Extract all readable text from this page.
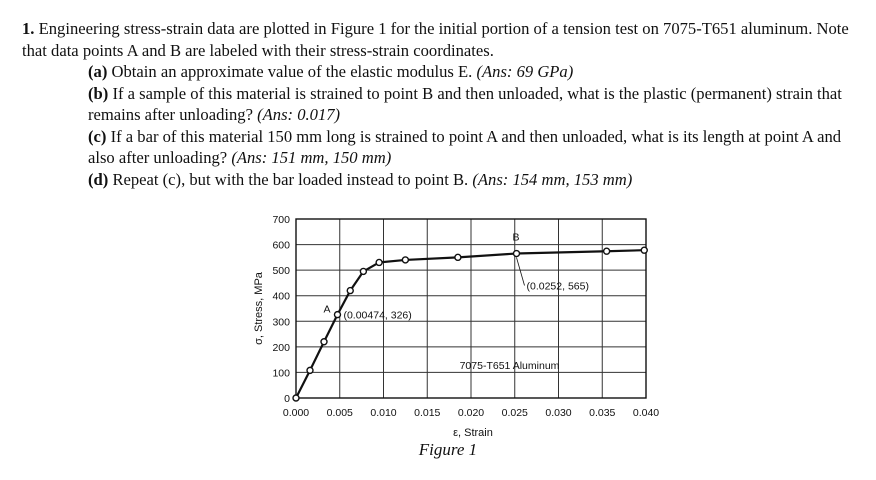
1. Engineering stress-strain data are plotted in Figure 1 for the initial portion of a tension test on 7075-T651 aluminum. Note that data points A and B are labeled with their stress-strain coordinates.

(a) Obtain an approximate value of the elastic modulus E. (Ans: 69 GPa)

(b) If a sample of this material is strained to point B and then unloaded, what is the plastic (permanent) strain that remains after unloading? (Ans: 0.017)

(c) If a bar of this material 150 mm long is strained to point A and then unloaded, what is its length at point A and also after unloading? (Ans: 151 mm, 150 mm)

(d) Repeat (c), but with the bar loaded instead to point B. (Ans: 154 mm, 153 mm)

0.000 0.005 0.010 0.015 0.020 0.025 0.030 0.035 0.040
0
100
200
300
400
500
600
700
ε, Strain
σ, Stress, MPa	A (0.00474, 326)
B
(0.0252, 565)
7075-T651 Aluminum
Figure 1
